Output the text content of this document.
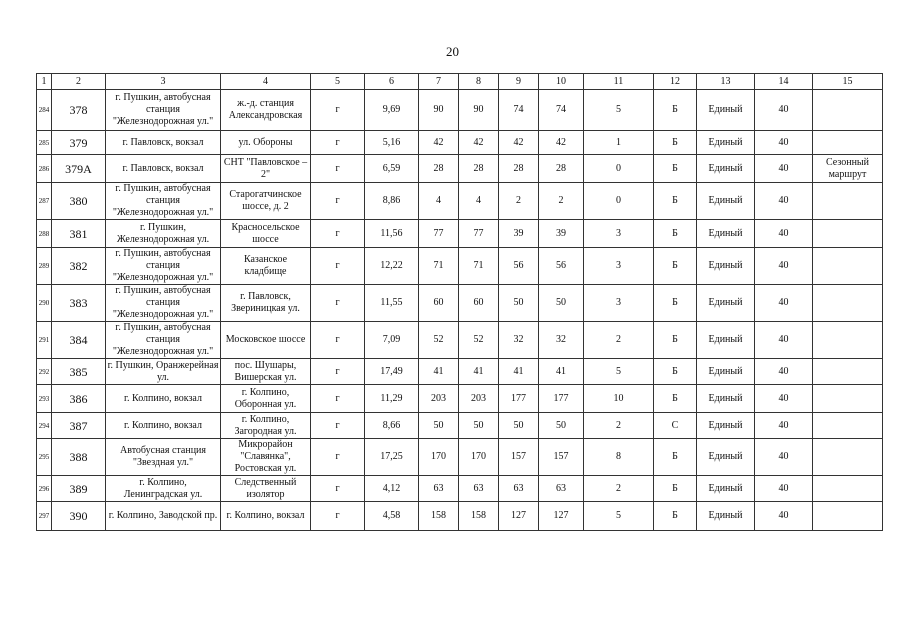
20
1	2	3	4	5	6	7	8	9	10	11	12	13	14	15
284	378	г. Пушкин, автобусная станция "Железнодорожная ул."	ж.-д. станция Александровская	г	9,69	90	90	74	74	5	Б	Единый	40	
285	379	г. Павловск, вокзал	ул. Обороны	г	5,16	42	42	42	42	1	Б	Единый	40	
286	379А	г. Павловск, вокзал	СНТ "Павловское – 2"	г	6,59	28	28	28	28	0	Б	Единый	40	Сезонный маршрут
287	380	г. Пушкин, автобусная станция "Железнодорожная ул."	Старогатчинское шоссе, д. 2	г	8,86	4	4	2	2	0	Б	Единый	40	
288	381	г. Пушкин, Железнодорожная ул.	Красносельское шоссе	г	11,56	77	77	39	39	3	Б	Единый	40	
289	382	г. Пушкин, автобусная станция "Железнодорожная ул."	Казанское кладбище	г	12,22	71	71	56	56	3	Б	Единый	40	
290	383	г. Пушкин, автобусная станция "Железнодорожная ул."	г. Павловск, Звериницкая ул.	г	11,55	60	60	50	50	3	Б	Единый	40	
291	384	г. Пушкин, автобусная станция "Железнодорожная ул."	Московское шоссе	г	7,09	52	52	32	32	2	Б	Единый	40	
292	385	г. Пушкин, Оранжерейная ул.	пос. Шушары, Вишерская ул.	г	17,49	41	41	41	41	5	Б	Единый	40	
293	386	г. Колпино, вокзал	г. Колпино, Оборонная ул.	г	11,29	203	203	177	177	10	Б	Единый	40	
294	387	г. Колпино, вокзал	г. Колпино, Загородная ул.	г	8,66	50	50	50	50	2	С	Единый	40	
295	388	Автобусная станция "Звездная ул."	Микрорайон "Славянка", Ростовская ул.	г	17,25	170	170	157	157	8	Б	Единый	40	
296	389	г. Колпино, Ленинградская ул.	Следственный изолятор	г	4,12	63	63	63	63	2	Б	Единый	40	
297	390	г. Колпино, Заводской пр.	г. Колпино, вокзал	г	4,58	158	158	127	127	5	Б	Единый	40	
